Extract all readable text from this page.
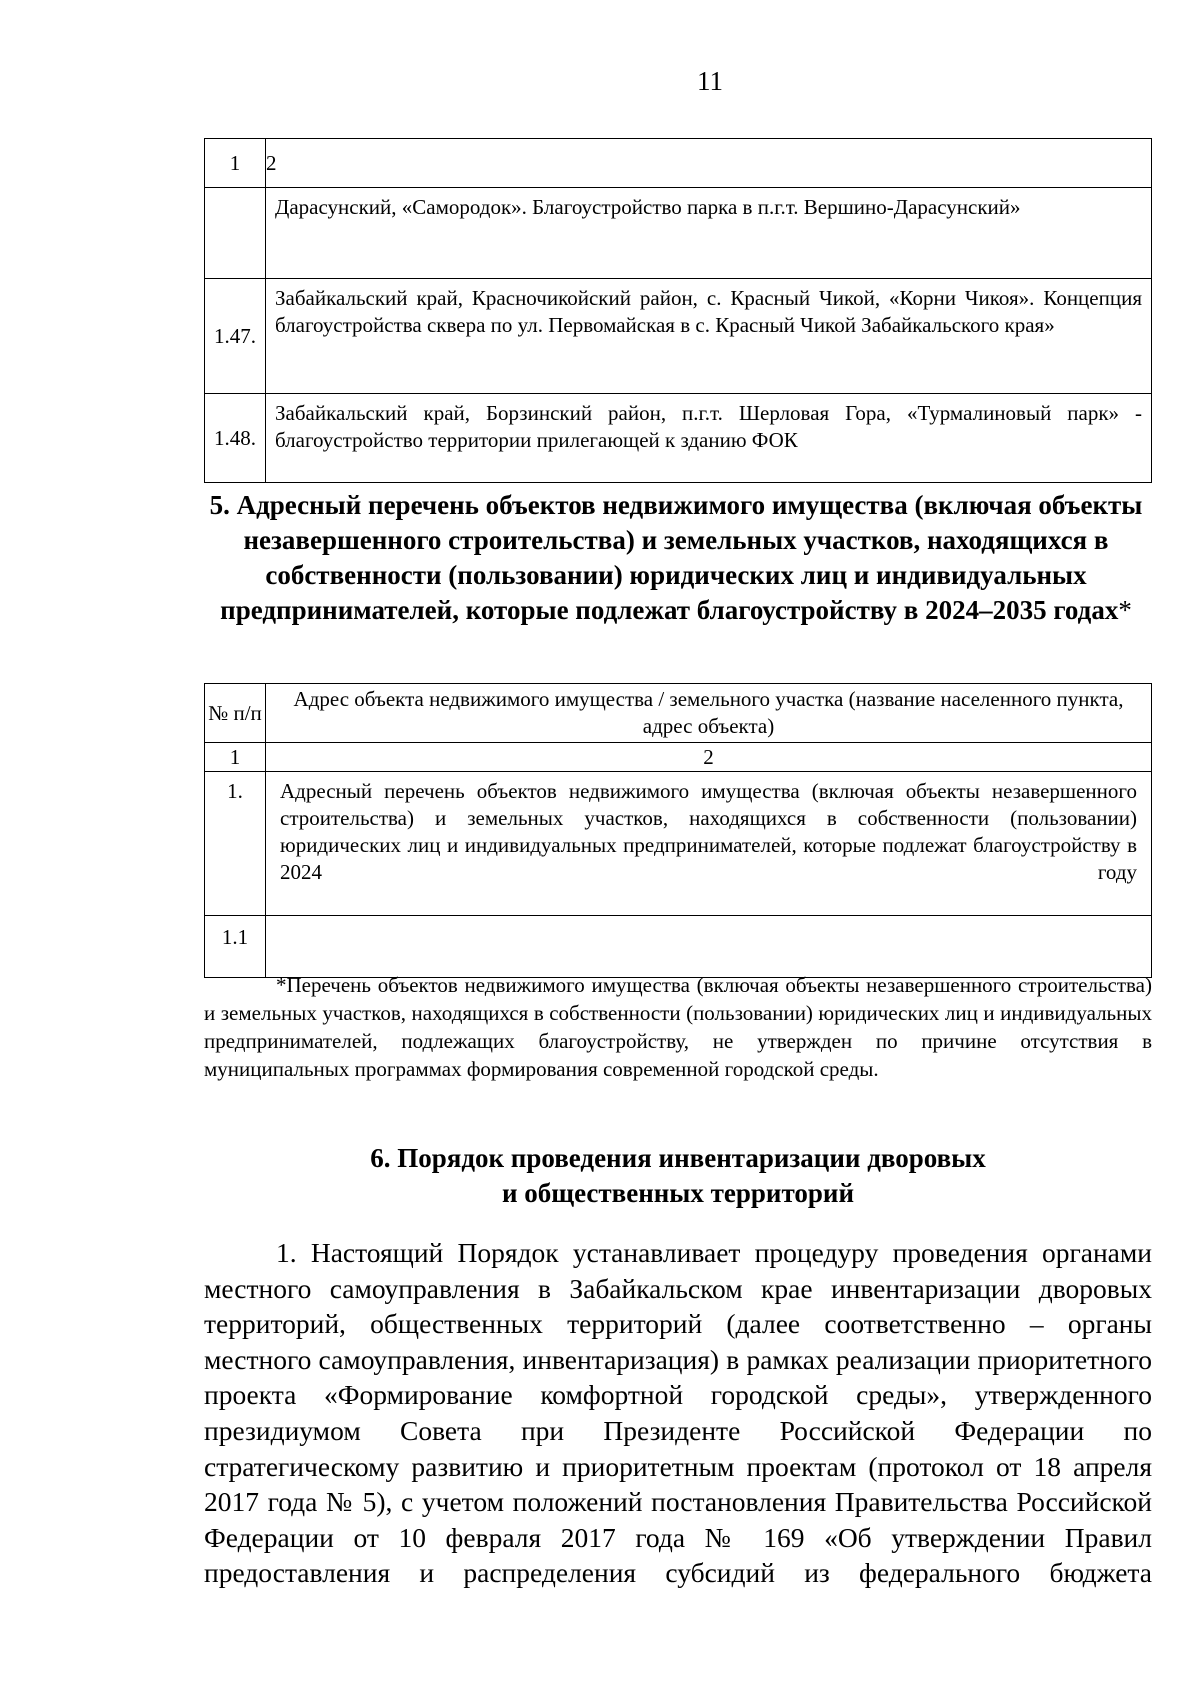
11
1	2
	Дарасунский, «Самородок». Благоустройство парка в п.г.т. Вершино-Дарасунский»
1.47.	Забайкальский край, Красночикойский район, с. Красный Чикой, «Корни Чикоя». Концепция благоустройства сквера по ул. Первомайская в с. Красный Чикой Забайкальского края»
1.48.	Забайкальский край, Борзинский район, п.г.т. Шерловая Гора, «Турмалиновый парк» - благоустройство территории прилегающей к зданию ФОК
5. Адресный перечень объектов недвижимого имущества (включая объекты незавершенного строительства) и земельных участков, находящихся в собственности (пользовании) юридических лиц и индивидуальных предпринимателей, которые подлежат благоустройству в 2024–2035 годах*
№ п/п	Адрес объекта недвижимого имущества / земельного участка (название населенного пункта, адрес объекта)
1	2
1.	Адресный перечень объектов недвижимого имущества (включая объекты незавершенного строительства) и земельных участков, находящихся в собственности (пользовании) юридических лиц и индивидуальных предпринимателей, которые подлежат благоустройству в 2024 году
1.1	

*Перечень объектов недвижимого имущества (включая объекты незавершенного строительства) и земельных участков, находящихся в собственности (пользовании) юридических лиц и индивидуальных предпринимателей, подлежащих благоустройству, не утвержден по причине отсутствия в муниципальных программах формирования современной городской среды.

6. Порядок проведения инвентаризации дворовых
и общественных территорий

1. Настоящий Порядок устанавливает процедуру проведения органами местного самоуправления в Забайкальском крае инвентаризации дворовых территорий, общественных территорий (далее соответственно – органы местного самоуправления, инвентаризация) в рамках реализации приоритетного проекта «Формирование комфортной городской среды», утвержденного президиумом Совета при Президенте Российской Федерации по стратегическому развитию и приоритетным проектам (протокол от 18 апреля 2017 года № 5), с учетом положений постановления Правительства Российской Федерации от 10 февраля 2017 года № 169 «Об утверждении Правил предоставления и распределения субсидий из федерального бюджета
